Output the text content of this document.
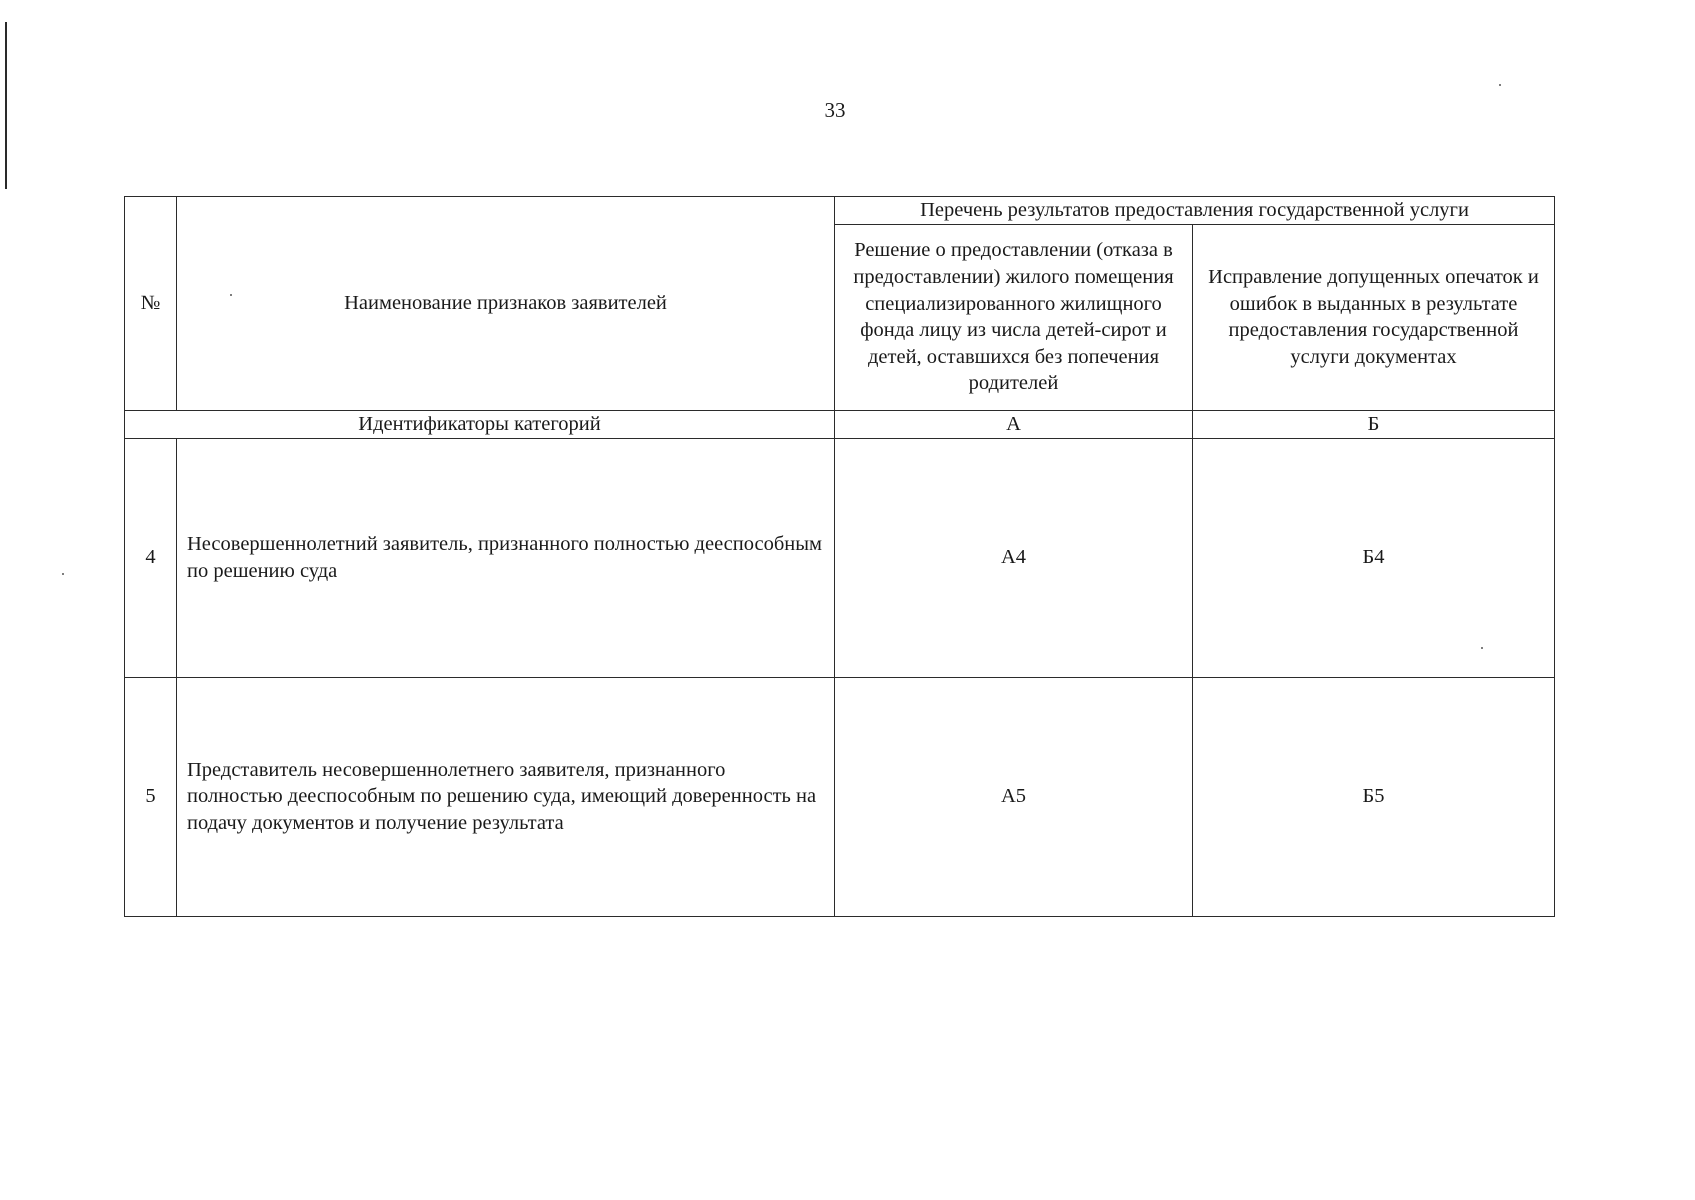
33
№	Наименование признаков заявителей	Перечень результатов предоставления государственной услуги	
		Решение о предоставлении (отказа в предоставлении) жилого помещения специализированного жилищного фонда лицу из числа детей-сирот и детей, оставшихся без попечения родителей	Исправление допущенных опечаток и ошибок в выданных в результате предоставления государственной услуги документах
Идентификаторы категорий		А	Б
4	Несовершеннолетний заявитель, признанного полностью дееспособным по решению суда	А4	Б4
5	Представитель несовершеннолетнего заявителя, признанного полностью дееспособным по решению суда, имеющий доверенность на подачу документов и получение результата	А5	Б5
